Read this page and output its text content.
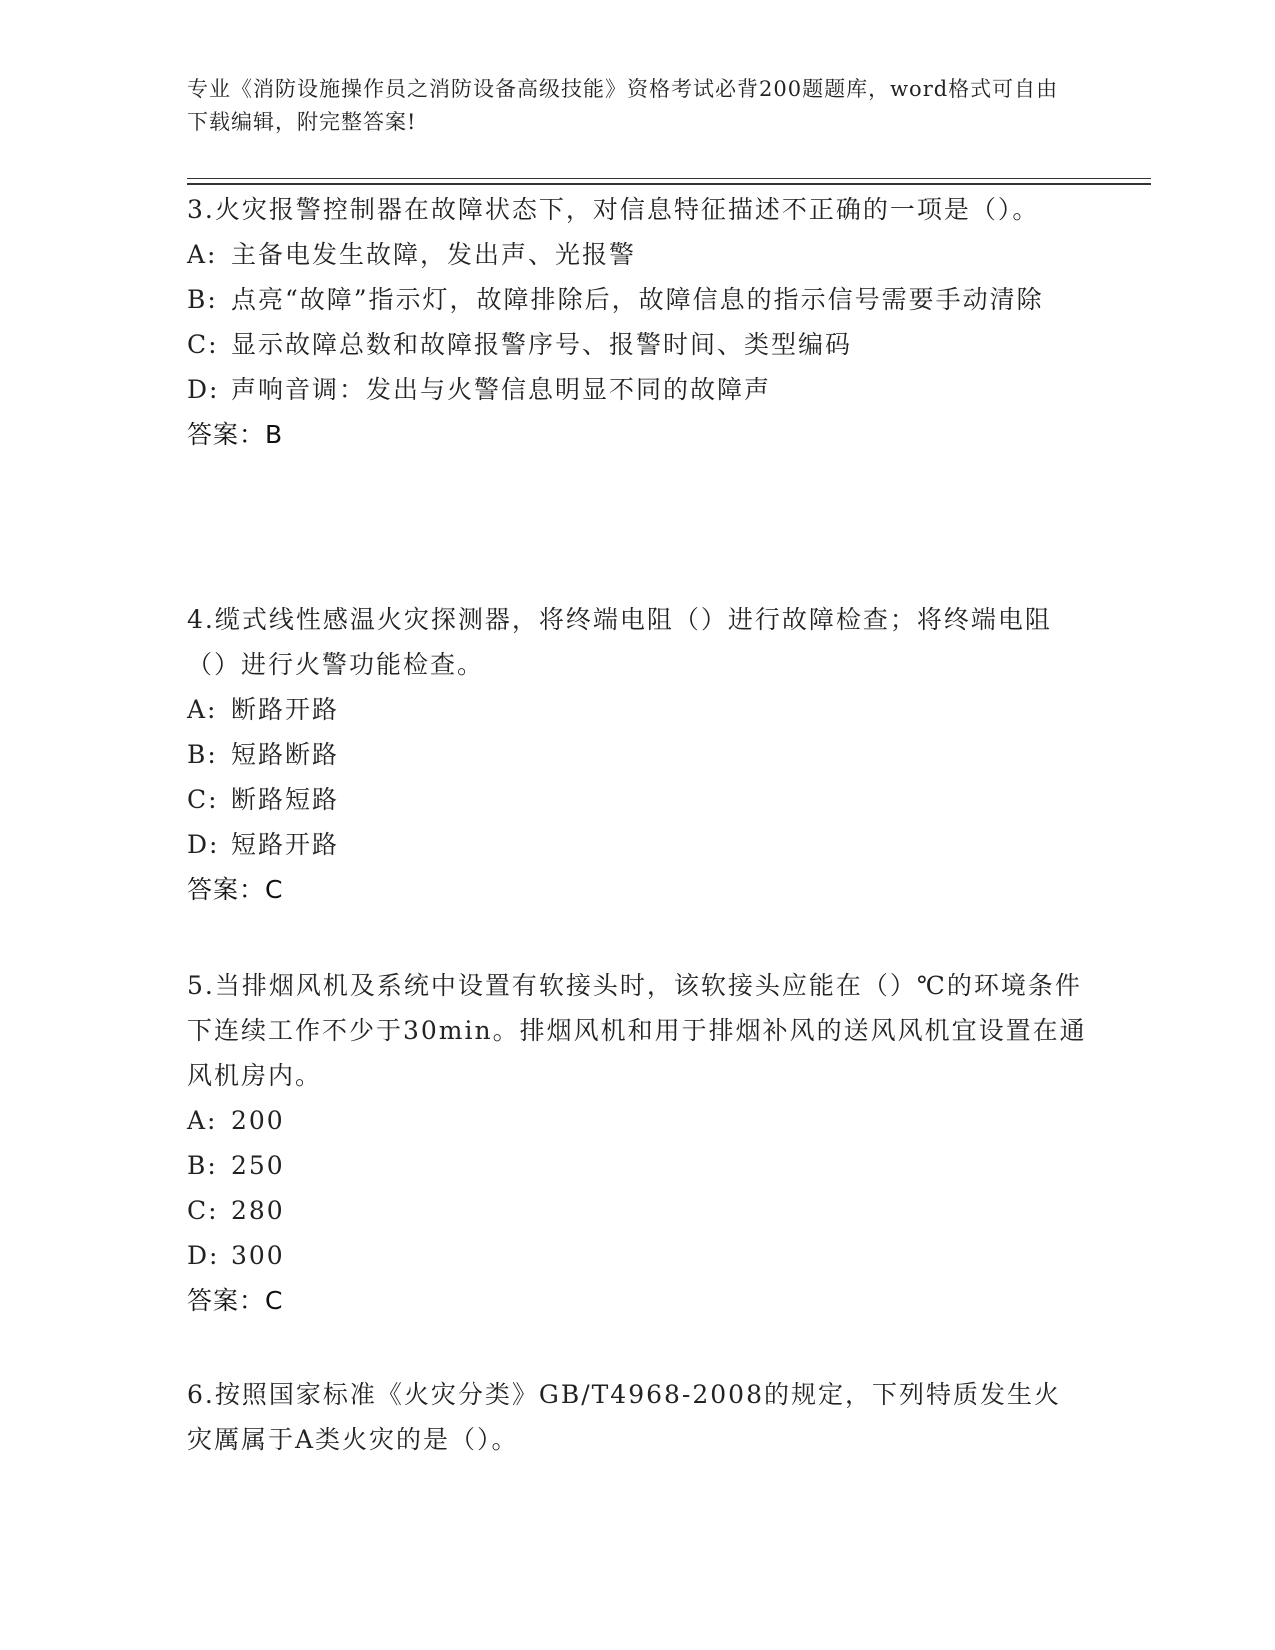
专业《消防设施操作员之消防设备高级技能》资格考试必背200题题库，word格式可自由下载编辑，附完整答案!
3.火灾报警控制器在故障状态下，对信息特征描述不正确的一项是（）。
A: 主备电发生故障，发出声、光报警
B: 点亮“故障”指示灯，故障排除后，故障信息的指示信号需要手动清除
C: 显示故障总数和故障报警序号、报警时间、类型编码
D: 声响音调：发出与火警信息明显不同的故障声
答案：B
4.缆式线性感温火灾探测器，将终端电阻（）进行故障检查；将终端电阻（）进行火警功能检查。
A: 断路开路
B: 短路断路
C: 断路短路
D: 短路开路
答案：C
5.当排烟风机及系统中设置有软接头时，该软接头应能在（）℃的环境条件下连续工作不少于30min。排烟风机和用于排烟补风的送风风机宜设置在通风机房内。
A: 200
B: 250
C: 280
D: 300
答案：C
6.按照国家标准《火灾分类》GB/T4968-2008的规定，下列特质发生火灾厲属于A类火灾的是（）。
